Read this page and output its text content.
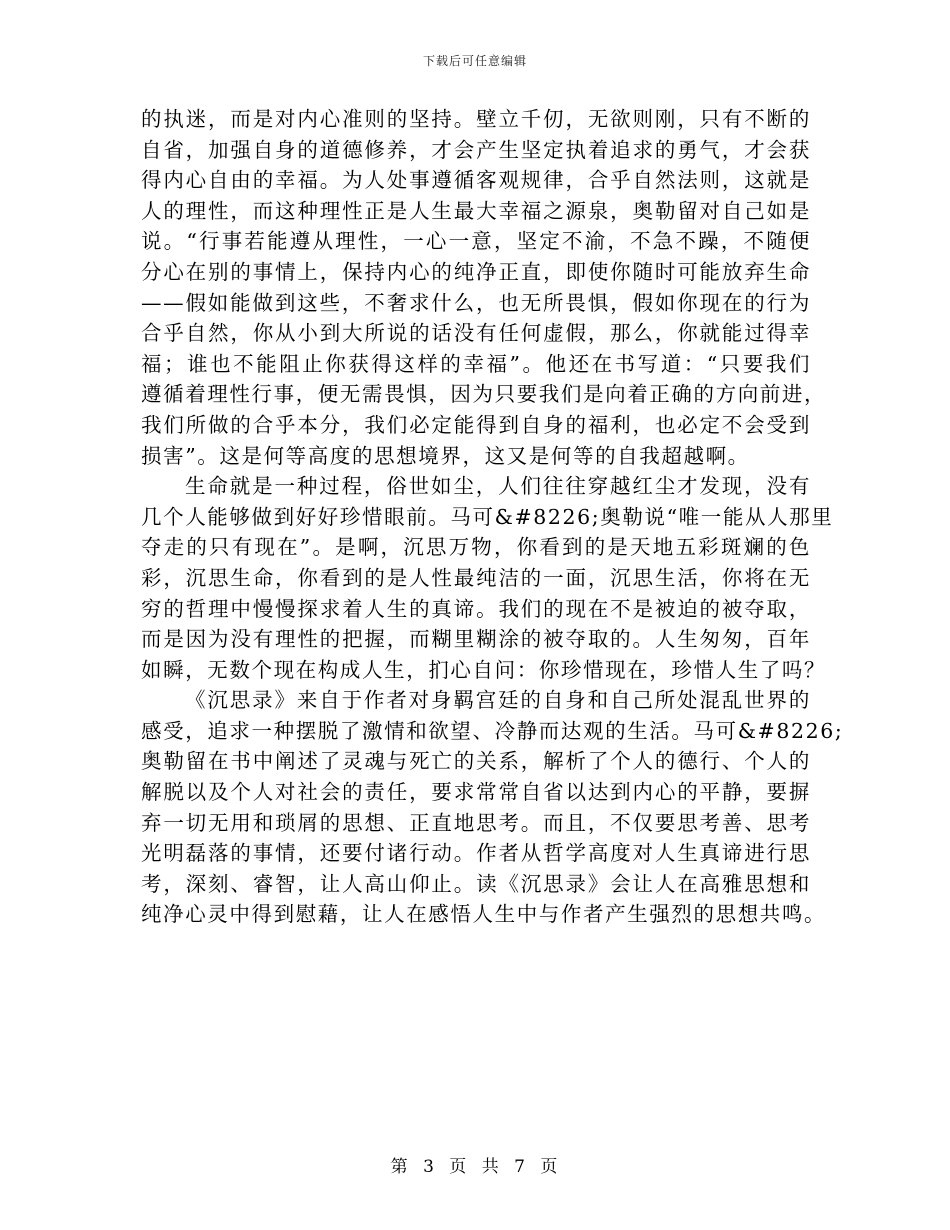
下载后可任意编辑
的执迷，而是对内心准则的坚持。壁立千仞，无欲则刚，只有不断的
自省，加强自身的道德修养，才会产生坚定执着追求的勇气，才会获
得内心自由的幸福。为人处事遵循客观规律，合乎自然法则，这就是
人的理性，而这种理性正是人生最大幸福之源泉，奥勒留对自己如是
说。“行事若能遵从理性，一心一意，坚定不渝，不急不躁，不随便
分心在别的事情上，保持内心的纯净正直，即使你随时可能放弃生命
——假如能做到这些，不奢求什么，也无所畏惧，假如你现在的行为
合乎自然，你从小到大所说的话没有任何虚假，那么，你就能过得幸
福；谁也不能阻止你获得这样的幸福”。他还在书写道：“只要我们
遵循着理性行事，便无需畏惧，因为只要我们是向着正确的方向前进，
我们所做的合乎本分，我们必定能得到自身的福利，也必定不会受到
损害”。这是何等高度的思想境界，这又是何等的自我超越啊。
生命就是一种过程，俗世如尘，人们往往穿越红尘才发现，没有
几个人能够做到好好珍惜眼前。马可&#8226;奥勒说“唯一能从人那里
夺走的只有现在”。是啊，沉思万物，你看到的是天地五彩斑斓的色
彩，沉思生命，你看到的是人性最纯洁的一面，沉思生活，你将在无
穷的哲理中慢慢探求着人生的真谛。我们的现在不是被迫的被夺取，
而是因为没有理性的把握，而糊里糊涂的被夺取的。人生匆匆，百年
如瞬，无数个现在构成人生，扪心自问：你珍惜现在，珍惜人生了吗？
《沉思录》来自于作者对身羁宫廷的自身和自己所处混乱世界的
感受，追求一种摆脱了激情和欲望、冷静而达观的生活。马可&#8226;
奥勒留在书中阐述了灵魂与死亡的关系，解析了个人的德行、个人的
解脱以及个人对社会的责任，要求常常自省以达到内心的平静，要摒
弃一切无用和琐屑的思想、正直地思考。而且，不仅要思考善、思考
光明磊落的事情，还要付诸行动。作者从哲学高度对人生真谛进行思
考，深刻、睿智，让人高山仰止。读《沉思录》会让人在高雅思想和
纯净心灵中得到慰藉，让人在感悟人生中与作者产生强烈的思想共鸣。
第 3 页 共 7 页
